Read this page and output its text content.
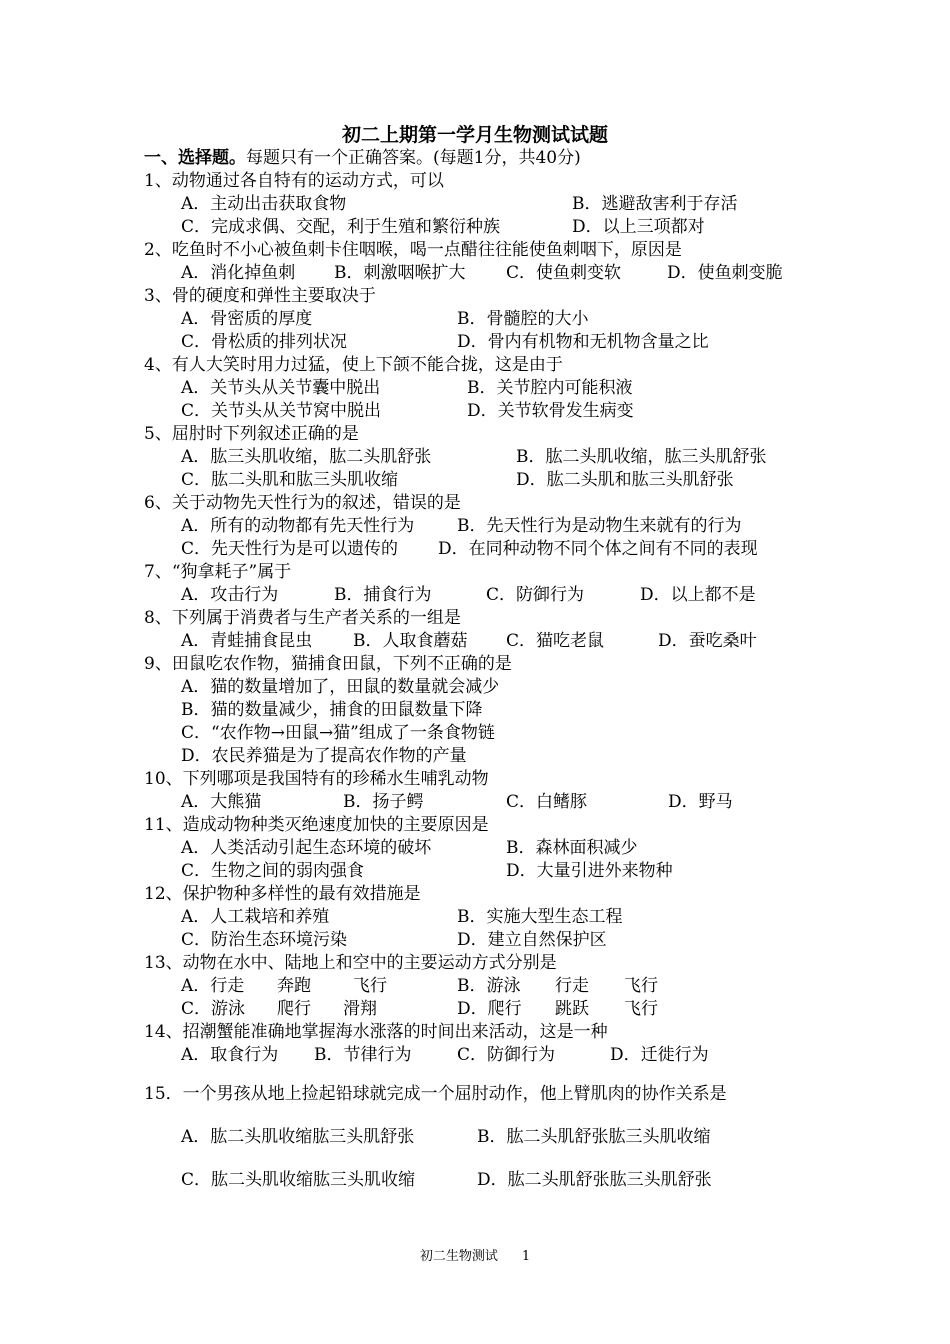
初二上期第一学月生物测试试题
一、选择题。每题只有一个正确答案。(每题1分，共40分)
1、动物通过各自特有的运动方式，可以
A．主动出击获取食物	B．逃避敌害利于存活
C．完成求偶、交配，利于生殖和繁衍种族	D．以上三项都对
2、吃鱼时不小心被鱼刺卡住咽喉，喝一点醋往往能使鱼刺咽下，原因是
A．消化掉鱼刺 B．刺激咽喉扩大 C．使鱼刺变软	D．使鱼刺变脆
3、骨的硬度和弹性主要取决于
A．骨密质的厚度	B．骨髓腔的大小
C．骨松质的排列状况	D．骨内有机物和无机物含量之比
4、有人大笑时用力过猛，使上下颌不能合拢，这是由于
A．关节头从关节囊中脱出	B．关节腔内可能积液
C．关节头从关节窝中脱出	D．关节软骨发生病变
5、屈肘时下列叙述正确的是
A．肱三头肌收缩，肱二头肌舒张	B．肱二头肌收缩，肱三头肌舒张
C．肱二头肌和肱三头肌收缩	D．肱二头肌和肱三头肌舒张
6、关于动物先天性行为的叙述，错误的是
A．所有的动物都有先天性行为	B．先天性行为是动物生来就有的行为
C．先天性行为是可以遗传的 D．在同种动物不同个体之间有不同的表现
7、“狗拿耗子”属于
A．攻击行为	B．捕食行为	C．防御行为	D．以上都不是
8、下列属于消费者与生产者关系的一组是
A．青蛙捕食昆虫 B．人取食蘑菇 C．猫吃老鼠	D．蚕吃桑叶
9、田鼠吃农作物，猫捕食田鼠，下列不正确的是
A．猫的数量增加了，田鼠的数量就会减少
B．猫的数量减少，捕食的田鼠数量下降
C．“农作物→田鼠→猫”组成了一条食物链
D．农民养猫是为了提高农作物的产量
10、下列哪项是我国特有的珍稀水生哺乳动物
A．大熊猫	B．扬子鳄	C．白鳍豚	D．野马
11、造成动物种类灭绝速度加快的主要原因是
A．人类活动引起生态环境的破坏	B．森林面积减少
C．生物之间的弱肉强食	D．大量引进外来物种
12、保护物种多样性的最有效措施是
A．人工栽培和养殖	B．实施大型生态工程
C．防治生态环境污染	D．建立自然保护区
13、动物在水中、陆地上和空中的主要运动方式分别是
A．行走 奔跑 飞行	B．游泳 行走 飞行
C．游泳 爬行 滑翔	D．爬行 跳跃 飞行
14、招潮蟹能准确地掌握海水涨落的时间出来活动，这是一种
A．取食行为 B．节律行为	C．防御行为	D．迁徙行为
15．一个男孩从地上捡起铅球就完成一个屈肘动作，他上臂肌肉的协作关系是
A．肱二头肌收缩肱三头肌舒张	B．肱二头肌舒张肱三头肌收缩
C．肱二头肌收缩肱三头肌收缩	D．肱二头肌舒张肱三头肌舒张
初二生物测试 1
